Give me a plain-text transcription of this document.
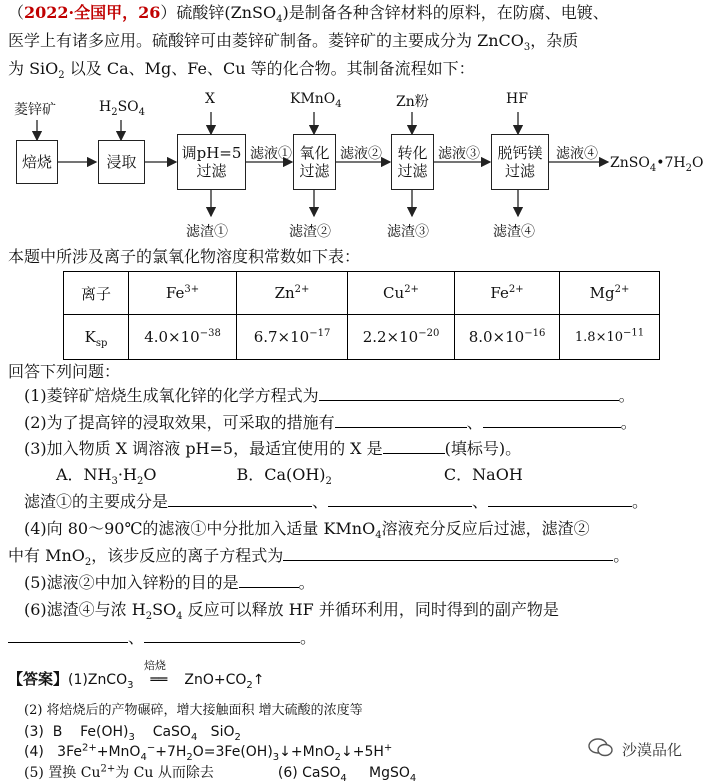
（2022·全国甲，26）硫酸锌(ZnSO$_4$)是制备各种含锌材料的原料，在防腐、电镀、
医学上有诸多应用。硫酸锌可由菱锌矿制备。菱锌矿的主要成分为 ZnCO$_3$，杂质
为 SiO$_2$ 以及 Ca、Mg、Fe、Cu 等的化合物。其制备流程如下：
菱锌矿	$H_2SO_4$
X	KMnO$_4$	Zn粉	HF
焙烧	浸取	调pH=5
过滤
氧化
过滤
转化
过滤
脱钙镁
过滤
滤液①	滤液②	滤液③	滤液④
$ZnSO_4•7H_2O$
滤渣①	滤渣②	滤渣③	滤渣④
本题中所涉及离子的氯氧化物溶度积常数如下表：
离子	$Fe^{3+}$	$Zn^{2+}$	$Cu^{2+}$	$Fe^{2+}$	$Mg^{2+}$
$K_{sp}$	$4.0\times 10^{-38}$	$6.7\times 10^{-17}$	$2.2\times 10^{-20}$	$8.0\times 10^{-16}$	$1.8\times 10^{-11}$
回答下列问题：
(1)菱锌矿焙烧生成氧化锌的化学方程式为	。
(2)为了提高锌的浸取效果，可采取的措施有	、	。
(3)加入物质 X 调溶液 pH=5，最适宜使用的 X 是	(填标号)。
A．$NH_3\cdot H_2O$	B．$Ca(OH)_2$	C．NaOH
滤渣①的主要成分是	、	、	。
(4)向 80～90℃的滤液①中分批加入适量 KMnO$_4$溶液充分反应后过滤，滤渣②
中有 MnO$_2$，该步反应的离子方程式为	。
(5)滤液②中加入锌粉的目的是	。
(6)滤渣④与浓 $H_2SO_4$ 反应可以释放 HF 并循环利用，同时得到的副产物是
、	。
【答案】(1)ZnCO$_3$
焙烧
══ $ZnO+CO_2↑$
(2) 将焙烧后的产物碾碎，增大接触面积 增大硫酸的浓度等
(3)  B    $Fe(OH)_3$    CaSO$_4$   SiO$_2$
(4)   $3Fe^{2+}+MnO_4^-+7H_2O=3Fe(OH)_3↓+MnO_2↓+5H^+$
(5) 置换 $Cu^{2+}$为 Cu 从而除去	(6) CaSO$_4$     MgSO$_4$
沙漠品化
